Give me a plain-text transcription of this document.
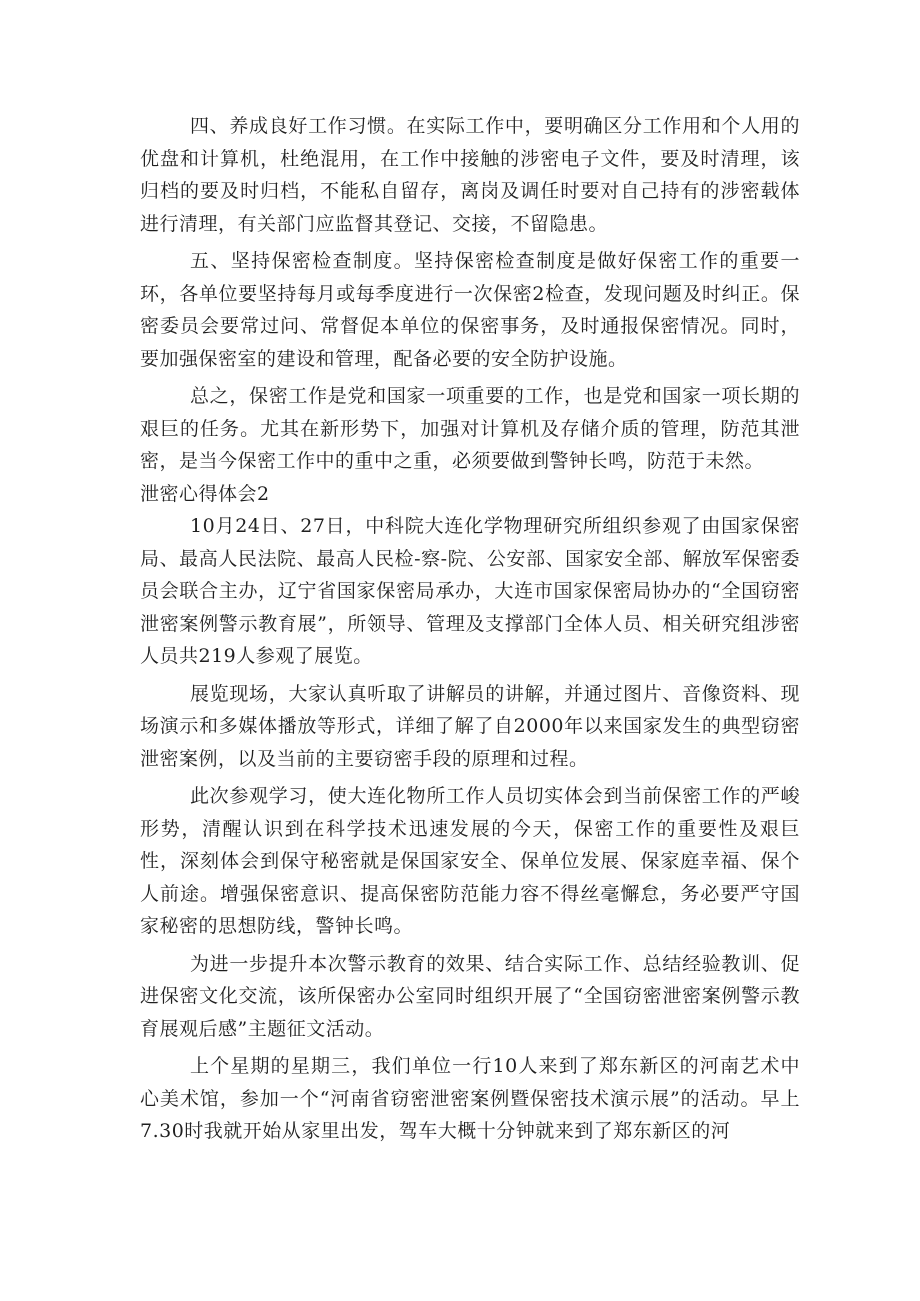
四、养成良好工作习惯。在实际工作中，要明确区分工作用和个人用的优盘和计算机，杜绝混用，在工作中接触的涉密电子文件，要及时清理，该归档的要及时归档，不能私自留存，离岗及调任时要对自己持有的涉密载体进行清理，有关部门应监督其登记、交接，不留隐患。

五、坚持保密检查制度。坚持保密检查制度是做好保密工作的重要一环，各单位要坚持每月或每季度进行一次保密2检查，发现问题及时纠正。保密委员会要常过问、常督促本单位的保密事务，及时通报保密情况。同时，要加强保密室的建设和管理，配备必要的安全防护设施。

总之，保密工作是党和国家一项重要的工作，也是党和国家一项长期的艰巨的任务。尤其在新形势下，加强对计算机及存储介质的管理，防范其泄密，是当今保密工作中的重中之重，必须要做到警钟长鸣，防范于未然。

泄密心得体会2

10月24日、27日，中科院大连化学物理研究所组织参观了由国家保密局、最高人民法院、最高人民检-察-院、公安部、国家安全部、解放军保密委员会联合主办，辽宁省国家保密局承办，大连市国家保密局协办的“全国窃密泄密案例警示教育展”，所领导、管理及支撑部门全体人员、相关研究组涉密人员共219人参观了展览。

展览现场，大家认真听取了讲解员的讲解，并通过图片、音像资料、现场演示和多媒体播放等形式，详细了解了自2000年以来国家发生的典型窃密泄密案例，以及当前的主要窃密手段的原理和过程。

此次参观学习，使大连化物所工作人员切实体会到当前保密工作的严峻形势，清醒认识到在科学技术迅速发展的今天，保密工作的重要性及艰巨性，深刻体会到保守秘密就是保国家安全、保单位发展、保家庭幸福、保个人前途。增强保密意识、提高保密防范能力容不得丝毫懈怠，务必要严守国家秘密的思想防线，警钟长鸣。

为进一步提升本次警示教育的效果、结合实际工作、总结经验教训、促进保密文化交流，该所保密办公室同时组织开展了“全国窃密泄密案例警示教育展观后感”主题征文活动。

上个星期的星期三，我们单位一行10人来到了郑东新区的河南艺术中心美术馆，参加一个“河南省窃密泄密案例暨保密技术演示展”的活动。早上7.30时我就开始从家里出发，驾车大概十分钟就来到了郑东新区的河
